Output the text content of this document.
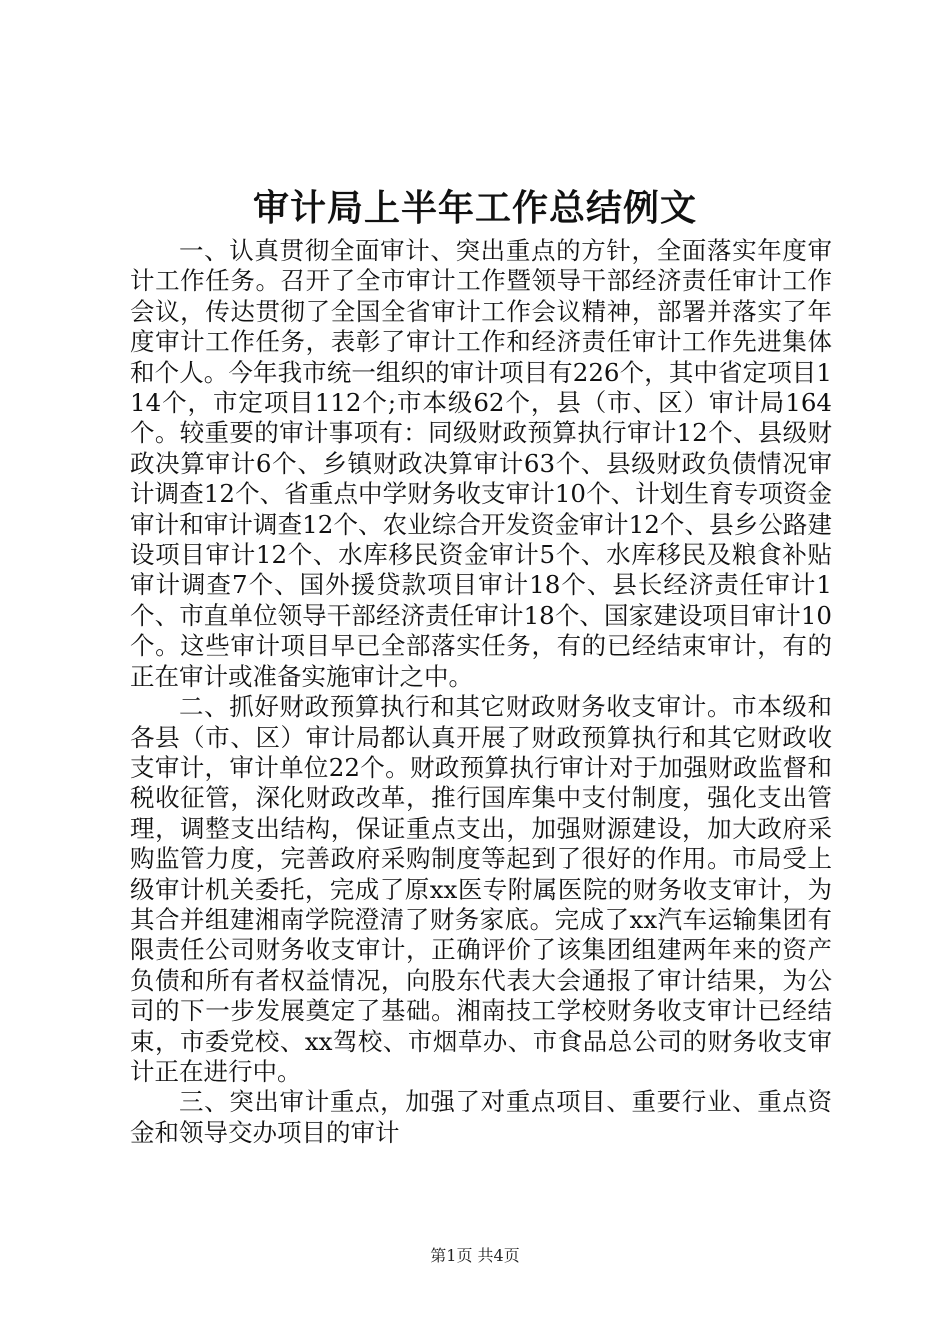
审计局上半年工作总结例文

一、认真贯彻全面审计、突出重点的方针，全面落实年度审计工作任务。召开了全市审计工作暨领导干部经济责任审计工作会议，传达贯彻了全国全省审计工作会议精神，部署并落实了年度审计工作任务，表彰了审计工作和经济责任审计工作先进集体和个人。今年我市统一组织的审计项目有226个，其中省定项目114个，市定项目112个;市本级62个，县（市、区）审计局164个。较重要的审计事项有：同级财政预算执行审计12个、县级财政决算审计6个、乡镇财政决算审计63个、县级财政负债情况审计调查12个、省重点中学财务收支审计10个、计划生育专项资金审计和审计调查12个、农业综合开发资金审计12个、县乡公路建设项目审计12个、水库移民资金审计5个、水库移民及粮食补贴审计调查7个、国外援贷款项目审计18个、县长经济责任审计1个、市直单位领导干部经济责任审计18个、国家建设项目审计10个。这些审计项目早已全部落实任务，有的已经结束审计，有的正在审计或准备实施审计之中。

二、抓好财政预算执行和其它财政财务收支审计。市本级和各县（市、区）审计局都认真开展了财政预算执行和其它财政收支审计，审计单位22个。财政预算执行审计对于加强财政监督和税收征管，深化财政改革，推行国库集中支付制度，强化支出管理，调整支出结构，保证重点支出，加强财源建设，加大政府采购监管力度，完善政府采购制度等起到了很好的作用。市局受上级审计机关委托，完成了原xx医专附属医院的财务收支审计，为其合并组建湘南学院澄清了财务家底。完成了xx汽车运输集团有限责任公司财务收支审计，正确评价了该集团组建两年来的资产负债和所有者权益情况，向股东代表大会通报了审计结果，为公司的下一步发展奠定了基础。湘南技工学校财务收支审计已经结束，市委党校、xx驾校、市烟草办、市食品总公司的财务收支审计正在进行中。

三、突出审计重点，加强了对重点项目、重要行业、重点资金和领导交办项目的审计

第1页 共4页
